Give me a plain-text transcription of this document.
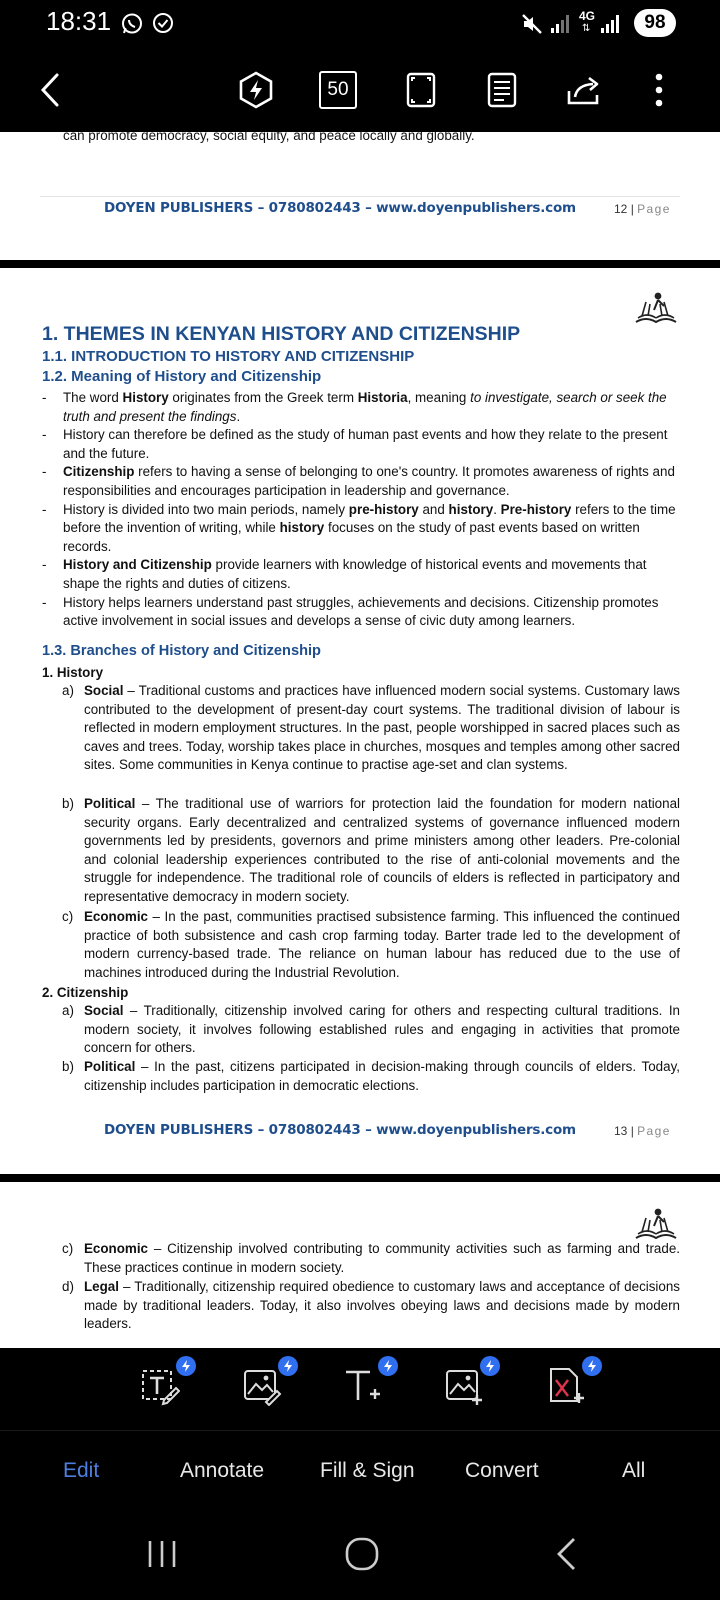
18:31	4G
⇅	98
50
can promote democracy, social equity, and peace locally and globally.
DOYEN PUBLISHERS – 0780802443 – www.doyenpublishers.com	12 | Page
1. THEMES IN KENYAN HISTORY AND CITIZENSHIP
1.1. INTRODUCTION TO HISTORY AND CITIZENSHIP
1.2. Meaning of History and Citizenship
- The word History originates from the Greek term Historia, meaning to investigate, search or seek the truth and present the findings.
- History can therefore be defined as the study of human past events and how they relate to the present and the future.
- Citizenship refers to having a sense of belonging to one's country. It promotes awareness of rights and responsibilities and encourages participation in leadership and governance.
- History is divided into two main periods, namely pre-history and history. Pre-history refers to the time before the invention of writing, while history focuses on the study of past events based on written records.
- History and Citizenship provide learners with knowledge of historical events and movements that shape the rights and duties of citizens.
- History helps learners understand past struggles, achievements and decisions. Citizenship promotes active involvement in social issues and develops a sense of civic duty among learners.
1.3. Branches of History and Citizenship
1. History
a) Social – Traditional customs and practices have influenced modern social systems. Customary laws contributed to the development of present-day court systems. The traditional division of labour is reflected in modern employment structures. In the past, people worshipped in sacred places such as caves and trees. Today, worship takes place in churches, mosques and temples among other sacred sites. Some communities in Kenya continue to practise age-set and clan systems.
b) Political – The traditional use of warriors for protection laid the foundation for modern national security organs. Early decentralized and centralized systems of governance influenced modern governments led by presidents, governors and prime ministers among other leaders. Pre-colonial and colonial leadership experiences contributed to the rise of anti-colonial movements and the struggle for independence. The traditional role of councils of elders is reflected in participatory and representative democracy in modern society.
c) Economic – In the past, communities practised subsistence farming. This influenced the continued practice of both subsistence and cash crop farming today. Barter trade led to the development of modern currency-based trade. The reliance on human labour has reduced due to the use of machines introduced during the Industrial Revolution.
2. Citizenship
a) Social – Traditionally, citizenship involved caring for others and respecting cultural traditions. In modern society, it involves following established rules and engaging in activities that promote concern for others.
b) Political – In the past, citizens participated in decision-making through councils of elders. Today, citizenship includes participation in democratic elections.
DOYEN PUBLISHERS – 0780802443 – www.doyenpublishers.com	13 | Page
c) Economic – Citizenship involved contributing to community activities such as farming and trade. These practices continue in modern society.
d) Legal – Traditionally, citizenship required obedience to customary laws and acceptance of decisions made by traditional leaders. Today, it also involves obeying laws and decisions made by modern leaders.
Edit	Annotate	Fill & Sign Convert	All
